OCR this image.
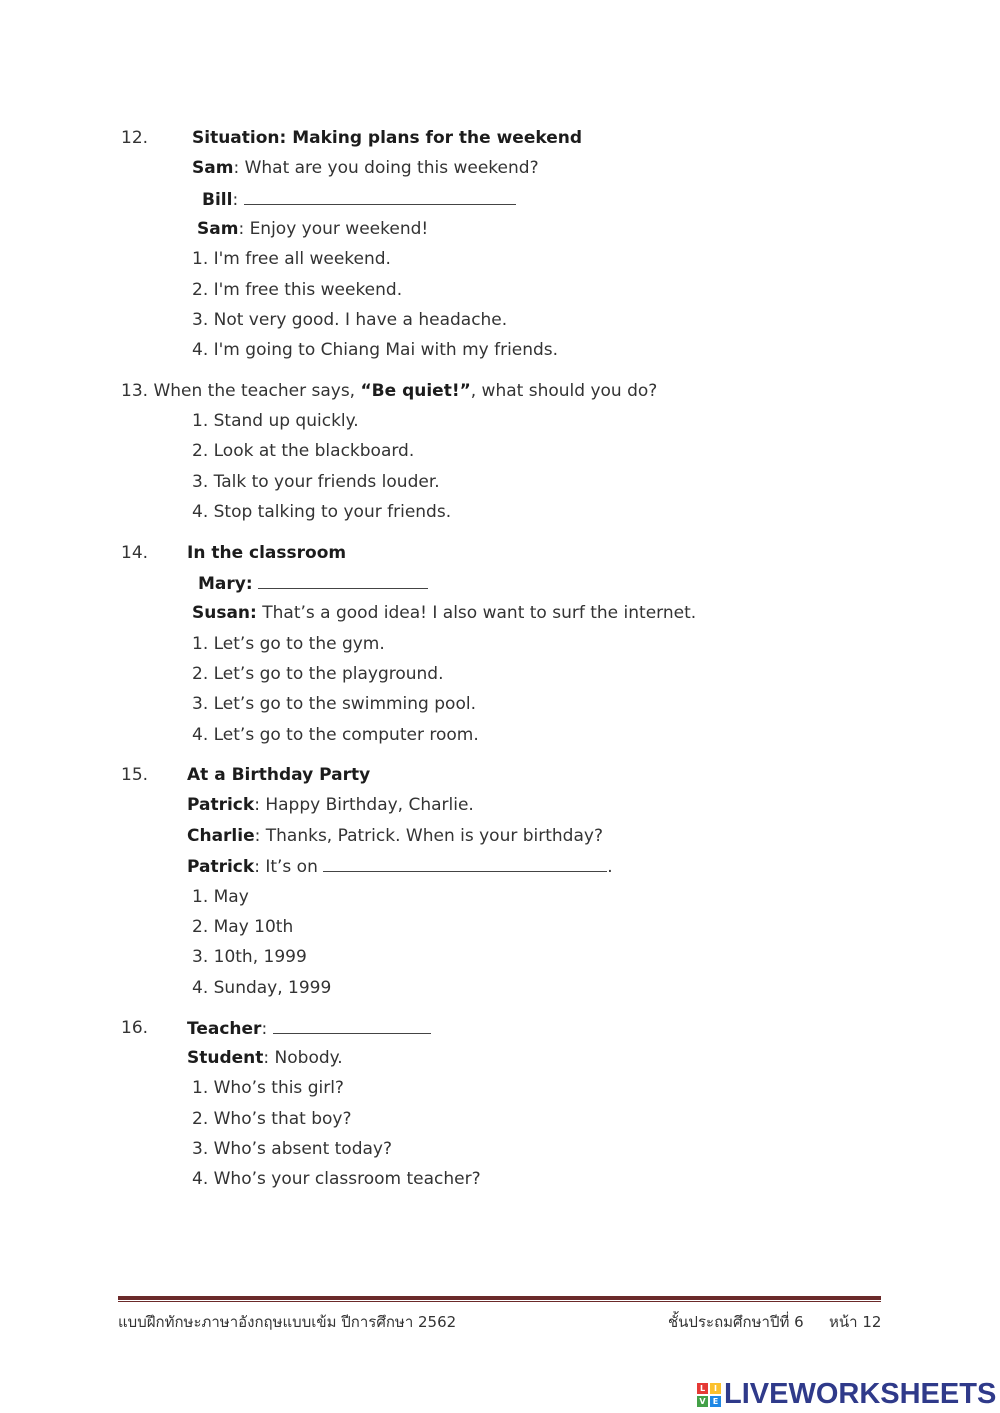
12.	Situation: Making plans for the weekend
Sam: What are you doing this weekend?
Bill:
Sam: Enjoy your weekend!
1. I'm free all weekend.
2. I'm free this weekend.
3. Not very good. I have a headache.
4. I'm going to Chiang Mai with my friends.
13. When the teacher says, “Be quiet!”, what should you do?
1. Stand up quickly.
2. Look at the blackboard.
3. Talk to your friends louder.
4. Stop talking to your friends.
14. In the classroom
Mary:
Susan: That’s a good idea! I also want to surf the internet.
1. Let’s go to the gym.
2. Let’s go to the playground.
3. Let’s go to the swimming pool.
4. Let’s go to the computer room.
15. At a Birthday Party
Patrick: Happy Birthday, Charlie.
Charlie: Thanks, Patrick. When is your birthday?
Patrick: It’s on	.
1. May
2. May 10th
3. 10th, 1999
4. Sunday, 1999
16. Teacher:
Student: Nobody.
1. Who’s this girl?
2. Who’s that boy?
3. Who’s absent today?
4. Who’s your classroom teacher?
แบบฝึกทักษะภาษาอังกฤษแบบเข้ม ปีการศึกษา 2562	ชั้นประถมศึกษาปีที่ 6 หน้า 12
L	I
V E LIVEWORKSHEETS
